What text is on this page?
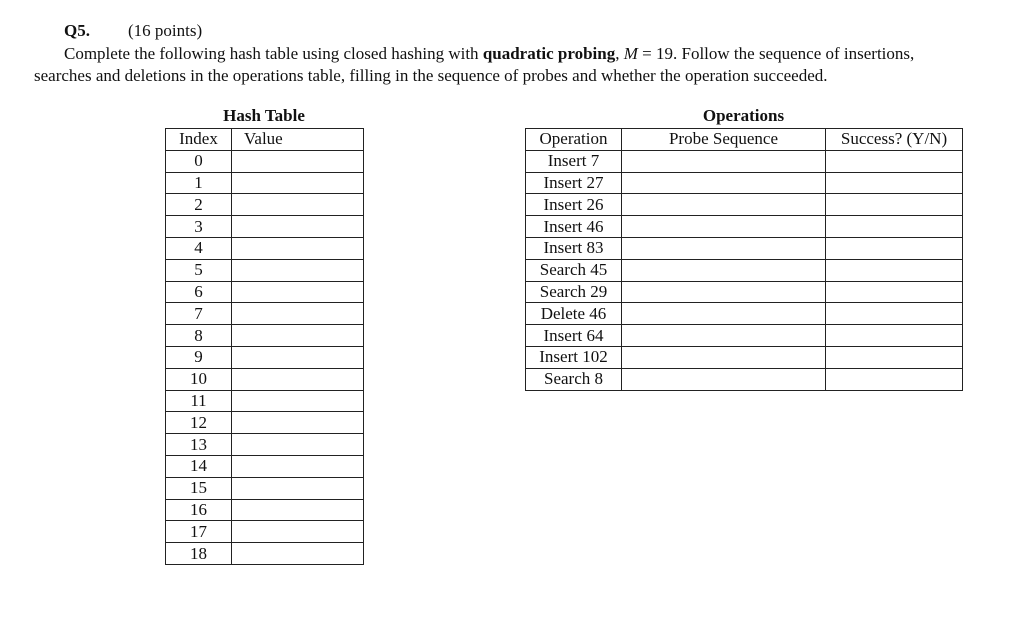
Q5. (16 points)
Complete the following hash table using closed hashing with quadratic probing, M = 19. Follow the sequence of insertions,
searches and deletions in the operations table, filling in the sequence of probes and whether the operation succeeded.
Hash Table
Index	Value
0	
1	
2	
3	
4	
5	
6	
7	
8	
9	
10	
11	
12	
13	
14	
15	
16	
17	
18	
Operations
Operation	Probe Sequence	Success? (Y/N)
Insert 7		
Insert 27		
Insert 26		
Insert 46		
Insert 83		
Search 45		
Search 29		
Delete 46		
Insert 64		
Insert 102		
Search 8		
